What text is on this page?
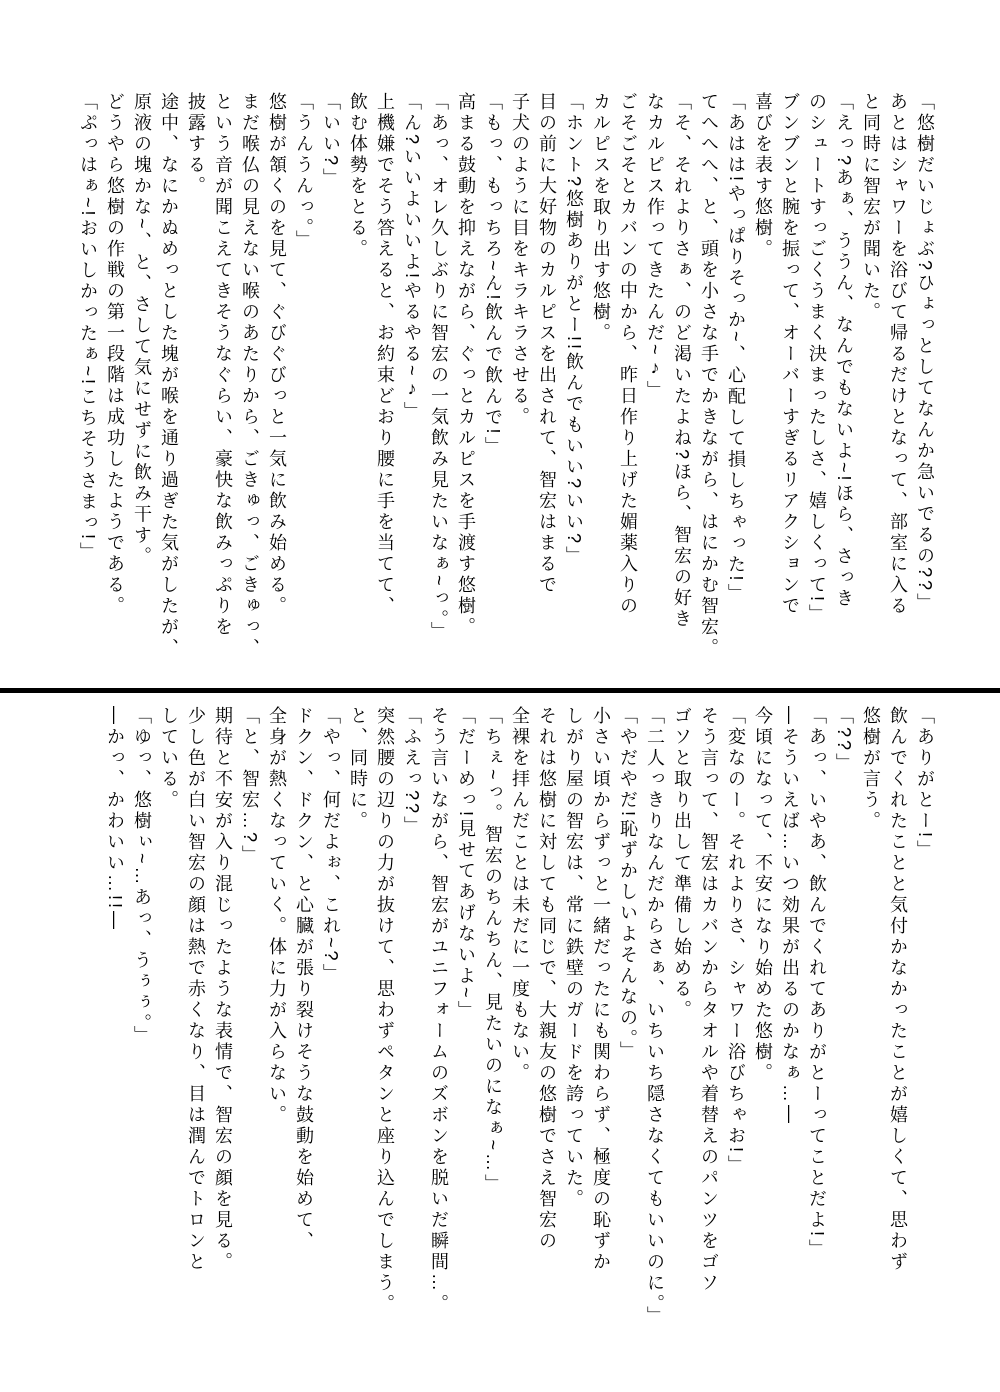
「悠樹だいじょぶ?ひょっとしてなんか急いでるの??」

あとはシャワーを浴びて帰るだけとなって、部室に入る

と同時に智宏が聞いた。

「えっ?あぁ、ううん、なんでもないよ~!ほら、さっき

のシュートすっごくうまく決まったしさ、嬉しくって!」

ブンブンと腕を振って、オーバーすぎるリアクションで

喜びを表す悠樹。

「あはは!やっぱりそっか~、心配して損しちゃった!」

てへへへ、と、頭を小さな手でかきながら、はにかむ智宏。

「そ、それよりさぁ、のど渇いたよね?ほら、智宏の好き

なカルピス作ってきたんだ~♪」

ごそごそとカバンの中から、昨日作り上げた媚薬入りの

カルピスを取り出す悠樹。

「ホント?悠樹ありがとー!!飲んでもいい?いい?」

目の前に大好物のカルピスを出されて、智宏はまるで

子犬のように目をキラキラさせる。

「もっ、もっちろ~ん!飲んで飲んで!」

高まる鼓動を抑えながら、ぐっとカルピスを手渡す悠樹。

「あっ、オレ久しぶりに智宏の一気飲み見たいなぁ~っ。」

「ん?いいよいいよ!やるやる~♪」

上機嫌でそう答えると、お約束どおり腰に手を当てて、

飲む体勢をとる。

「いい?」

「うんうんっ。」

悠樹が頷くのを見て、ぐびぐびっと一気に飲み始める。

まだ喉仏の見えない喉のあたりから、ごきゅっ、ごきゅっ、

という音が聞こえてきそうなぐらい、豪快な飲みっぷりを

披露する。

途中、なにかぬめっとした塊が喉を通り過ぎた気がしたが、

原液の塊かな~、と、さして気にせずに飲み干す。

どうやら悠樹の作戦の第一段階は成功したようである。

「ぷっはぁ~!おいしかったぁ~!こちそうさまっ!」

「ありがとー!」

飲んでくれたことと気付かなかったことが嬉しくて、思わず

悠樹が言う。

「??」

「あっ、いやあ、飲んでくれてありがとーってことだよ!」

―そういえば…いつ効果が出るのかなぁ…―

今頃になって、不安になり始めた悠樹。

「変なのー。それよりさ、シャワー浴びちゃお!」

そう言って、智宏はカバンからタオルや着替えのパンツをゴソ

ゴソと取り出して準備し始める。

「二人っきりなんだからさぁ、いちいち隠さなくてもいいのに。」

「やだやだ!恥ずかしいよそんなの。」

小さい頃からずっと一緒だったにも関わらず、極度の恥ずか

しがり屋の智宏は、常に鉄壁のガードを誇っていた。

それは悠樹に対しても同じで、大親友の悠樹でさえ智宏の

全裸を拝んだことは未だに一度もない。

「ちぇ~っ。智宏のちんちん、見たいのになぁ~…」

「だーめっ!見せてあげないよ~」

そう言いながら、智宏がユニフォームのズボンを脱いだ瞬間…。

「ふえっ??」

突然腰の辺りの力が抜けて、思わずペタンと座り込んでしまう。

と、同時に。

「やっ、何だよぉ、これ~?」

ドクン、ドクン、と心臓が張り裂けそうな鼓動を始めて、

全身が熱くなっていく。体に力が入らない。

「と、智宏…?」

期待と不安が入り混じったような表情で、智宏の顔を見る。

少し色が白い智宏の顔は熱で赤くなり、目は潤んでトロンと

している。

「ゆっ、悠樹ぃ~…あっ、うぅぅ。」

―かっ、かわいい…!!―
